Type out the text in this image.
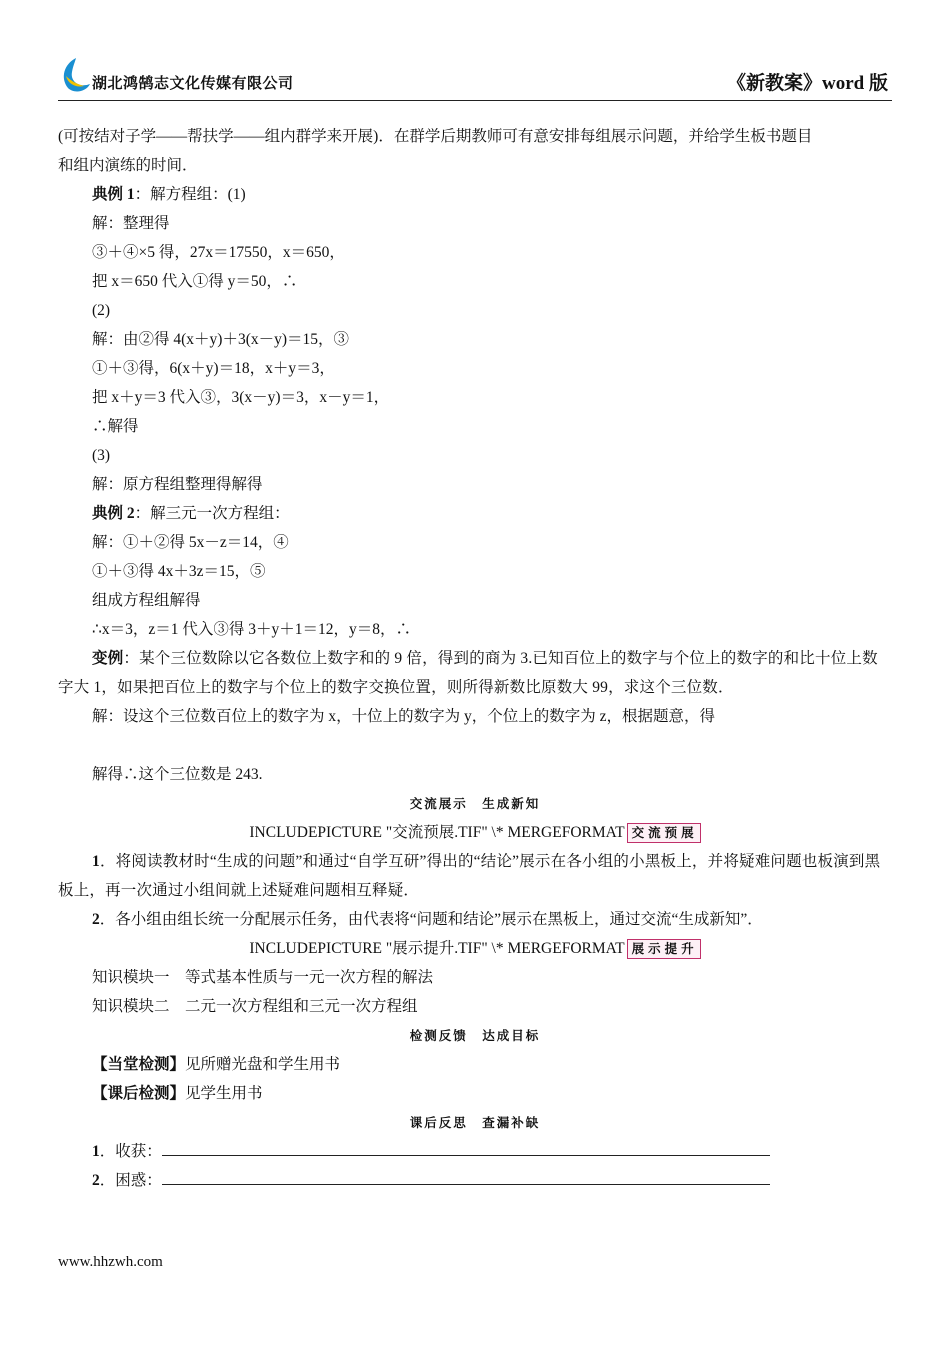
湖北鸿鹄志文化传媒有限公司	《新教案》word 版

(可按结对子学——帮扶学——组内群学来开展)．在群学后期教师可有意安排每组展示问题，并给学生板书题目

和组内演练的时间．

典例 1：解方程组：(1)

解：整理得

③＋④×5 得，27x＝17550，x＝650，

把 x＝650 代入①得 y＝50，∴

(2)

解：由②得 4(x＋y)＋3(x－y)＝15，③

①＋③得，6(x＋y)＝18，x＋y＝3，

把 x＋y＝3 代入③，3(x－y)＝3，x－y＝1，

∴解得

(3)

解：原方程组整理得解得

典例 2：解三元一次方程组：

解：①＋②得 5x－z＝14，④

①＋③得 4x＋3z＝15，⑤

组成方程组解得

∴x＝3，z＝1 代入③得 3＋y＋1＝12，y＝8，∴

变例：某个三位数除以它各数位上数字和的 9 倍，得到的商为 3.已知百位上的数字与个位上的数字的和比十位上数字大 1，如果把百位上的数字与个位上的数字交换位置，则所得新数比原数大 99，求这个三位数．

解：设这个三位数百位上的数字为 x，十位上的数字为 y，个位上的数字为 z，根据题意，得

解得∴这个三位数是 243.

交流展示　生成新知

INCLUDEPICTURE "交流预展.TIF" \* MERGEFORMAT 交流预展

1．将阅读教材时“生成的问题”和通过“自学互研”得出的“结论”展示在各小组的小黑板上，并将疑难问题也板演到黑板上，再一次通过小组间就上述疑难问题相互释疑．

2．各小组由组长统一分配展示任务，由代表将“问题和结论”展示在黑板上，通过交流“生成新知”．

INCLUDEPICTURE "展示提升.TIF" \* MERGEFORMAT 展示提升

知识模块一　等式基本性质与一元一次方程的解法

知识模块二　二元一次方程组和三元一次方程组

检测反馈　达成目标

【当堂检测】见所赠光盘和学生用书

【课后检测】见学生用书

课后反思　查漏补缺

1．收获：

2．困惑：

www.hhzwh.com
